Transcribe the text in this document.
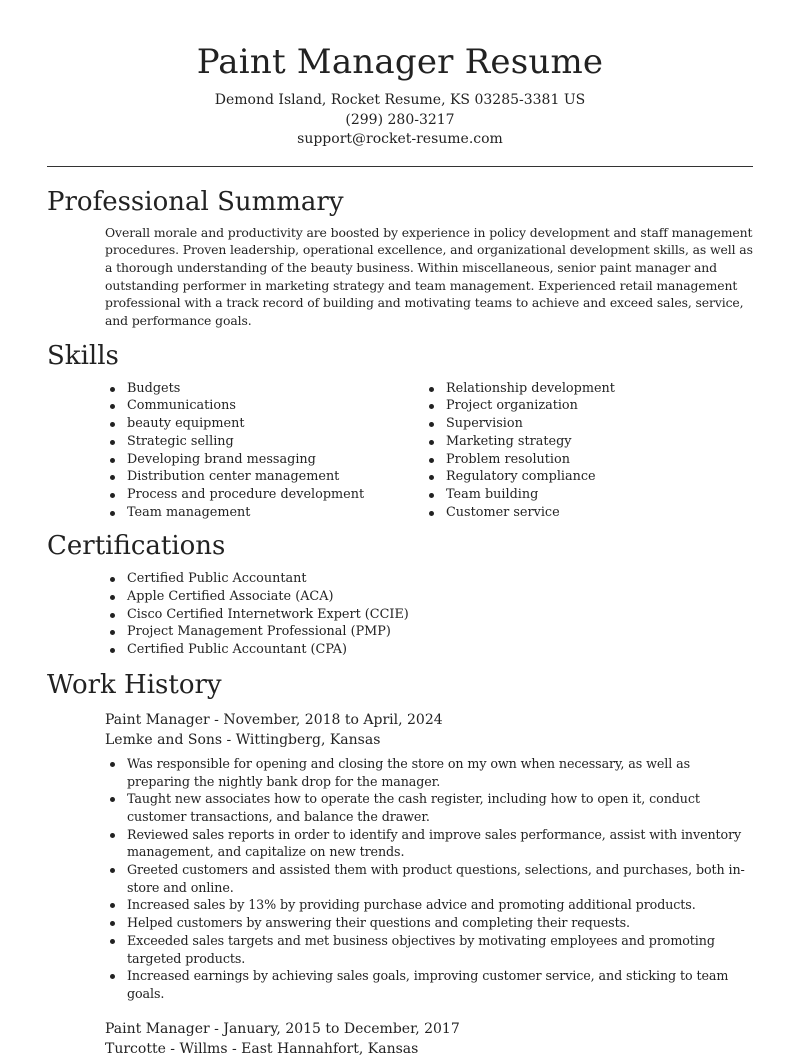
Paint Manager Resume
Demond Island, Rocket Resume, KS 03285-3381 US
(299) 280-3217
support@rocket-resume.com
Professional Summary

Overall morale and productivity are boosted by experience in policy development and staff management procedures. Proven leadership, operational excellence, and organizational development skills, as well as a thorough understanding of the beauty business. Within miscellaneous, senior paint manager and outstanding performer in marketing strategy and team management. Experienced retail management professional with a track record of building and motivating teams to achieve and exceed sales, service, and performance goals.

Skills
Budgets
Communications
beauty equipment
Strategic selling
Developing brand messaging
Distribution center management
Process and procedure development
Team management
Relationship development
Project organization
Supervision
Marketing strategy
Problem resolution
Regulatory compliance
Team building
Customer service
Certifications
Certified Public Accountant
Apple Certified Associate (ACA)
Cisco Certified Internetwork Expert (CCIE)
Project Management Professional (PMP)
Certified Public Accountant (CPA)
Work History
Paint Manager - November, 2018 to April, 2024
Lemke and Sons - Wittingberg, Kansas
Was responsible for opening and closing the store on my own when necessary, as well as preparing the nightly bank drop for the manager.
Taught new associates how to operate the cash register, including how to open it, conduct customer transactions, and balance the drawer.
Reviewed sales reports in order to identify and improve sales performance, assist with inventory management, and capitalize on new trends.
Greeted customers and assisted them with product questions, selections, and purchases, both in-store and online.
Increased sales by 13% by providing purchase advice and promoting additional products.
Helped customers by answering their questions and completing their requests.
Exceeded sales targets and met business objectives by motivating employees and promoting targeted products.
Increased earnings by achieving sales goals, improving customer service, and sticking to team goals.
Paint Manager - January, 2015 to December, 2017
Turcotte - Willms - East Hannahfort, Kansas
